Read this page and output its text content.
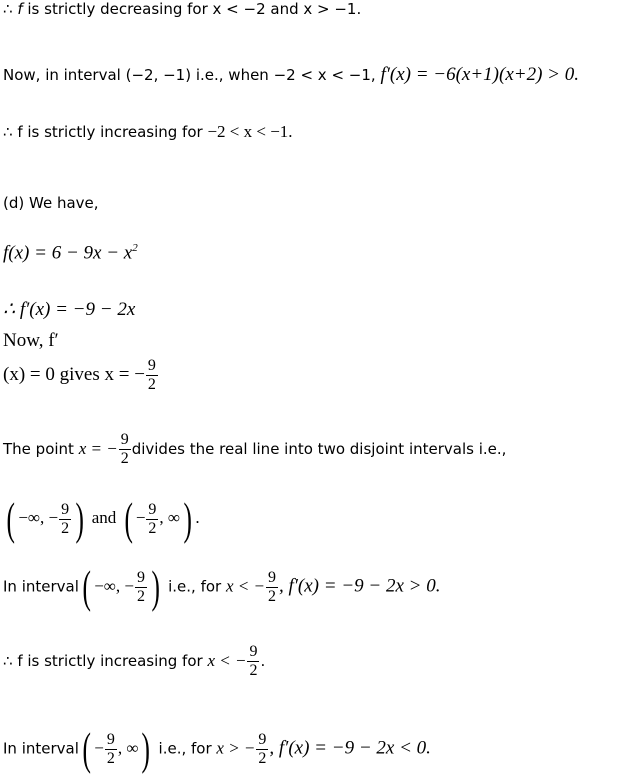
∴ f is strictly decreasing for x < −2 and x > −1.
Now, in interval (−2, −1) i.e., when −2 < x < −1, f′(x) = −6(x+1)(x+2) > 0.
∴ f is strictly increasing for −2 < x < −1.
(d) We have,
$f(x) = 6 - 9x - x^2$
∴ f′(x) = −9 − 2x
Now, f′
(x) = 0 gives x = − $\frac{9}{2}$
The point x = − $\frac{9}{2}$ divides the real line into two disjoint intervals i.e.,
( −∞, − $\frac{9}{2}$ ) and ( − $\frac{9}{2}$ , ∞) .
In interval( −∞, − $\frac{9}{2}$ ) i.e., for x < − $\frac{9}{2}$ , f′(x) = −9 − 2x > 0.
∴ f is strictly increasing for x < − $\frac{9}{2}$ .
In interval( − $\frac{9}{2}$ , ∞) i.e., for x > − $\frac{9}{2}$ , f′(x) = −9 − 2x < 0.
